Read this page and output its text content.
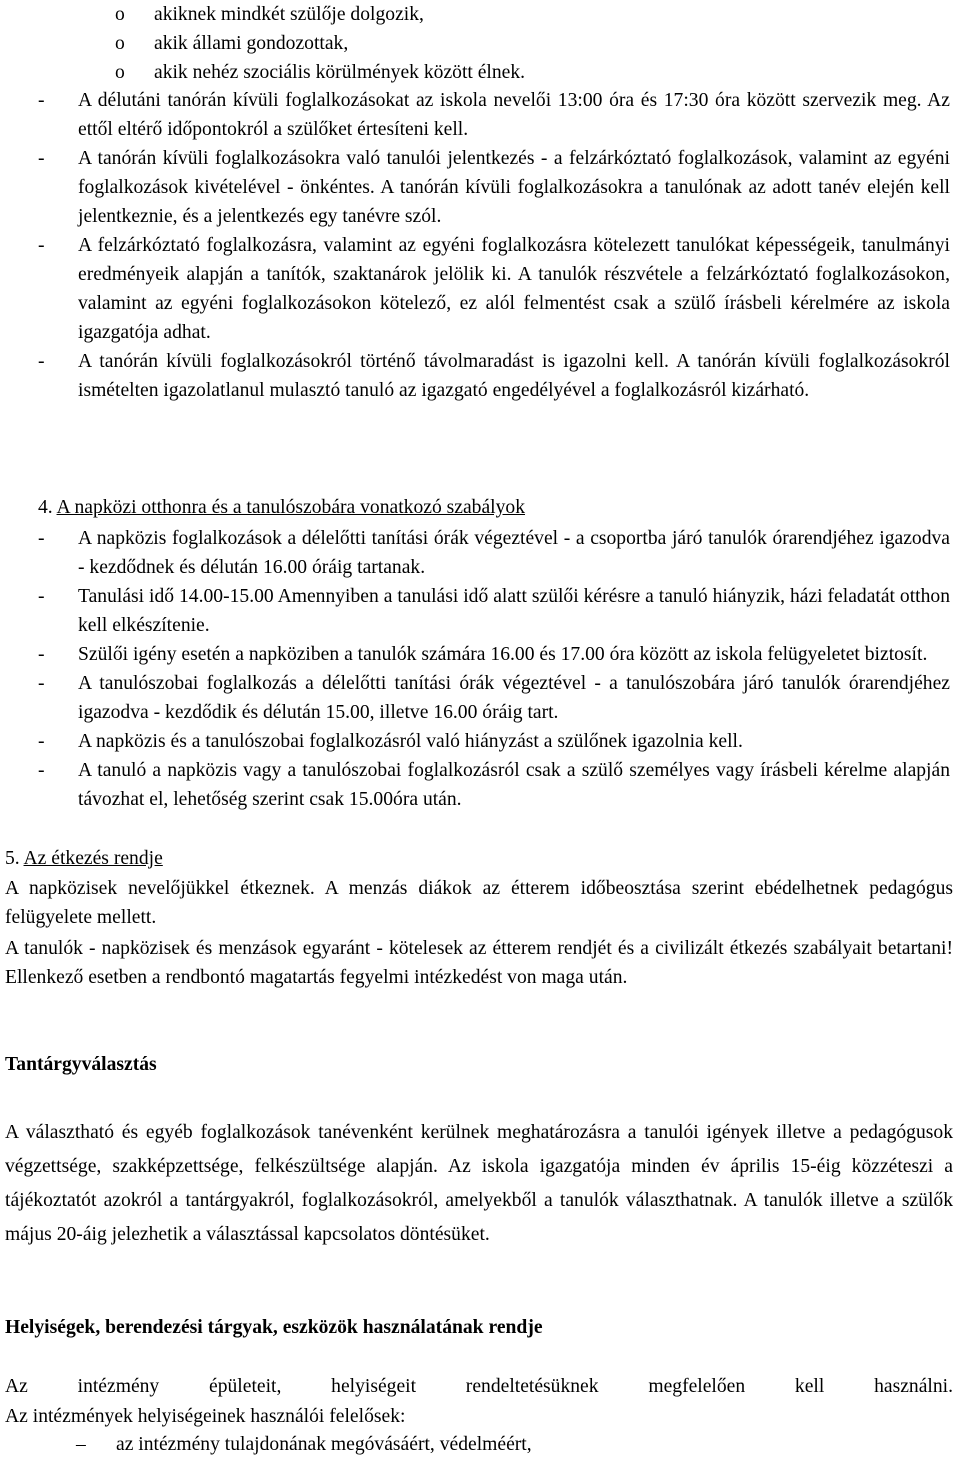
o akiknek mindkét szülője dolgozik,
o akik állami gondozottak,
o akik nehéz szociális körülmények között élnek.
- A délutáni tanórán kívüli foglalkozásokat az iskola nevelői 13:00 óra és 17:30 óra között szervezik meg. Az ettől eltérő időpontokról a szülőket értesíteni kell.
- A tanórán kívüli foglalkozásokra való tanulói jelentkezés - a felzárkóztató foglalkozások, valamint az egyéni foglalkozások kivételével - önkéntes. A tanórán kívüli foglalkozásokra a tanulónak az adott tanév elején kell jelentkeznie, és a jelentkezés egy tanévre szól.
- A felzárkóztató foglalkozásra, valamint az egyéni foglalkozásra kötelezett tanulókat képességeik, tanulmányi eredményeik alapján a tanítók, szaktanárok jelölik ki. A tanulók részvétele a felzárkóztató foglalkozásokon, valamint az egyéni foglalkozásokon kötelező, ez alól felmentést csak a szülő írásbeli kérelmére az iskola igazgatója adhat.
- A tanórán kívüli foglalkozásokról történő távolmaradást is igazolni kell. A tanórán kívüli foglalkozásokról ismételten igazolatlanul mulasztó tanuló az igazgató engedélyével a foglalkozásról kizárható.
4. A napközi otthonra és a tanulószobára vonatkozó szabályok
- A napközis foglalkozások a délelőtti tanítási órák végeztével - a csoportba járó tanulók órarendjéhez igazodva - kezdődnek és délután 16.00 óráig tartanak.
- Tanulási idő 14.00-15.00 Amennyiben a tanulási idő alatt szülői kérésre a tanuló hiányzik, házi feladatát otthon kell elkészítenie.
- Szülői igény esetén a napköziben a tanulók számára 16.00 és 17.00 óra között az iskola felügyeletet biztosít.
- A tanulószobai foglalkozás a délelőtti tanítási órák végeztével - a tanulószobára járó tanulók órarendjéhez igazodva - kezdődik és délután 15.00, illetve 16.00 óráig tart.
- A napközis és a tanulószobai foglalkozásról való hiányzást a szülőnek igazolnia kell.
- A tanuló a napközis vagy a tanulószobai foglalkozásról csak a szülő személyes vagy írásbeli kérelme alapján távozhat el, lehetőség szerint csak 15.00óra után.
5. Az étkezés rendje

A napközisek nevelőjükkel étkeznek. A menzás diákok az étterem időbeosztása szerint ebédelhetnek pedagógus felügyelete mellett.

A tanulók - napközisek és menzások egyaránt - kötelesek az étterem rendjét és a civilizált étkezés szabályait betartani! Ellenkező esetben a rendbontó magatartás fegyelmi intézkedést von maga után.

Tantárgyválasztás

A választható és egyéb foglalkozások tanévenként kerülnek meghatározásra a tanulói igények illetve a pedagógusok végzettsége, szakképzettsége, felkészültsége alapján. Az iskola igazgatója minden év április 15-éig közzéteszi a tájékoztatót azokról a tantárgyakról, foglalkozásokról, amelyekből a tanulók választhatnak. A tanulók illetve a szülők május 20-áig jelezhetik a választással kapcsolatos döntésüket.

Helyiségek, berendezési tárgyak, eszközök használatának rendje

Az intézmény épületeit, helyiségeit rendeltetésüknek megfelelően kell használni.

Az intézmények helyiségeinek használói felelősek:

– az intézmény tulajdonának megóvásáért, védelméért,
